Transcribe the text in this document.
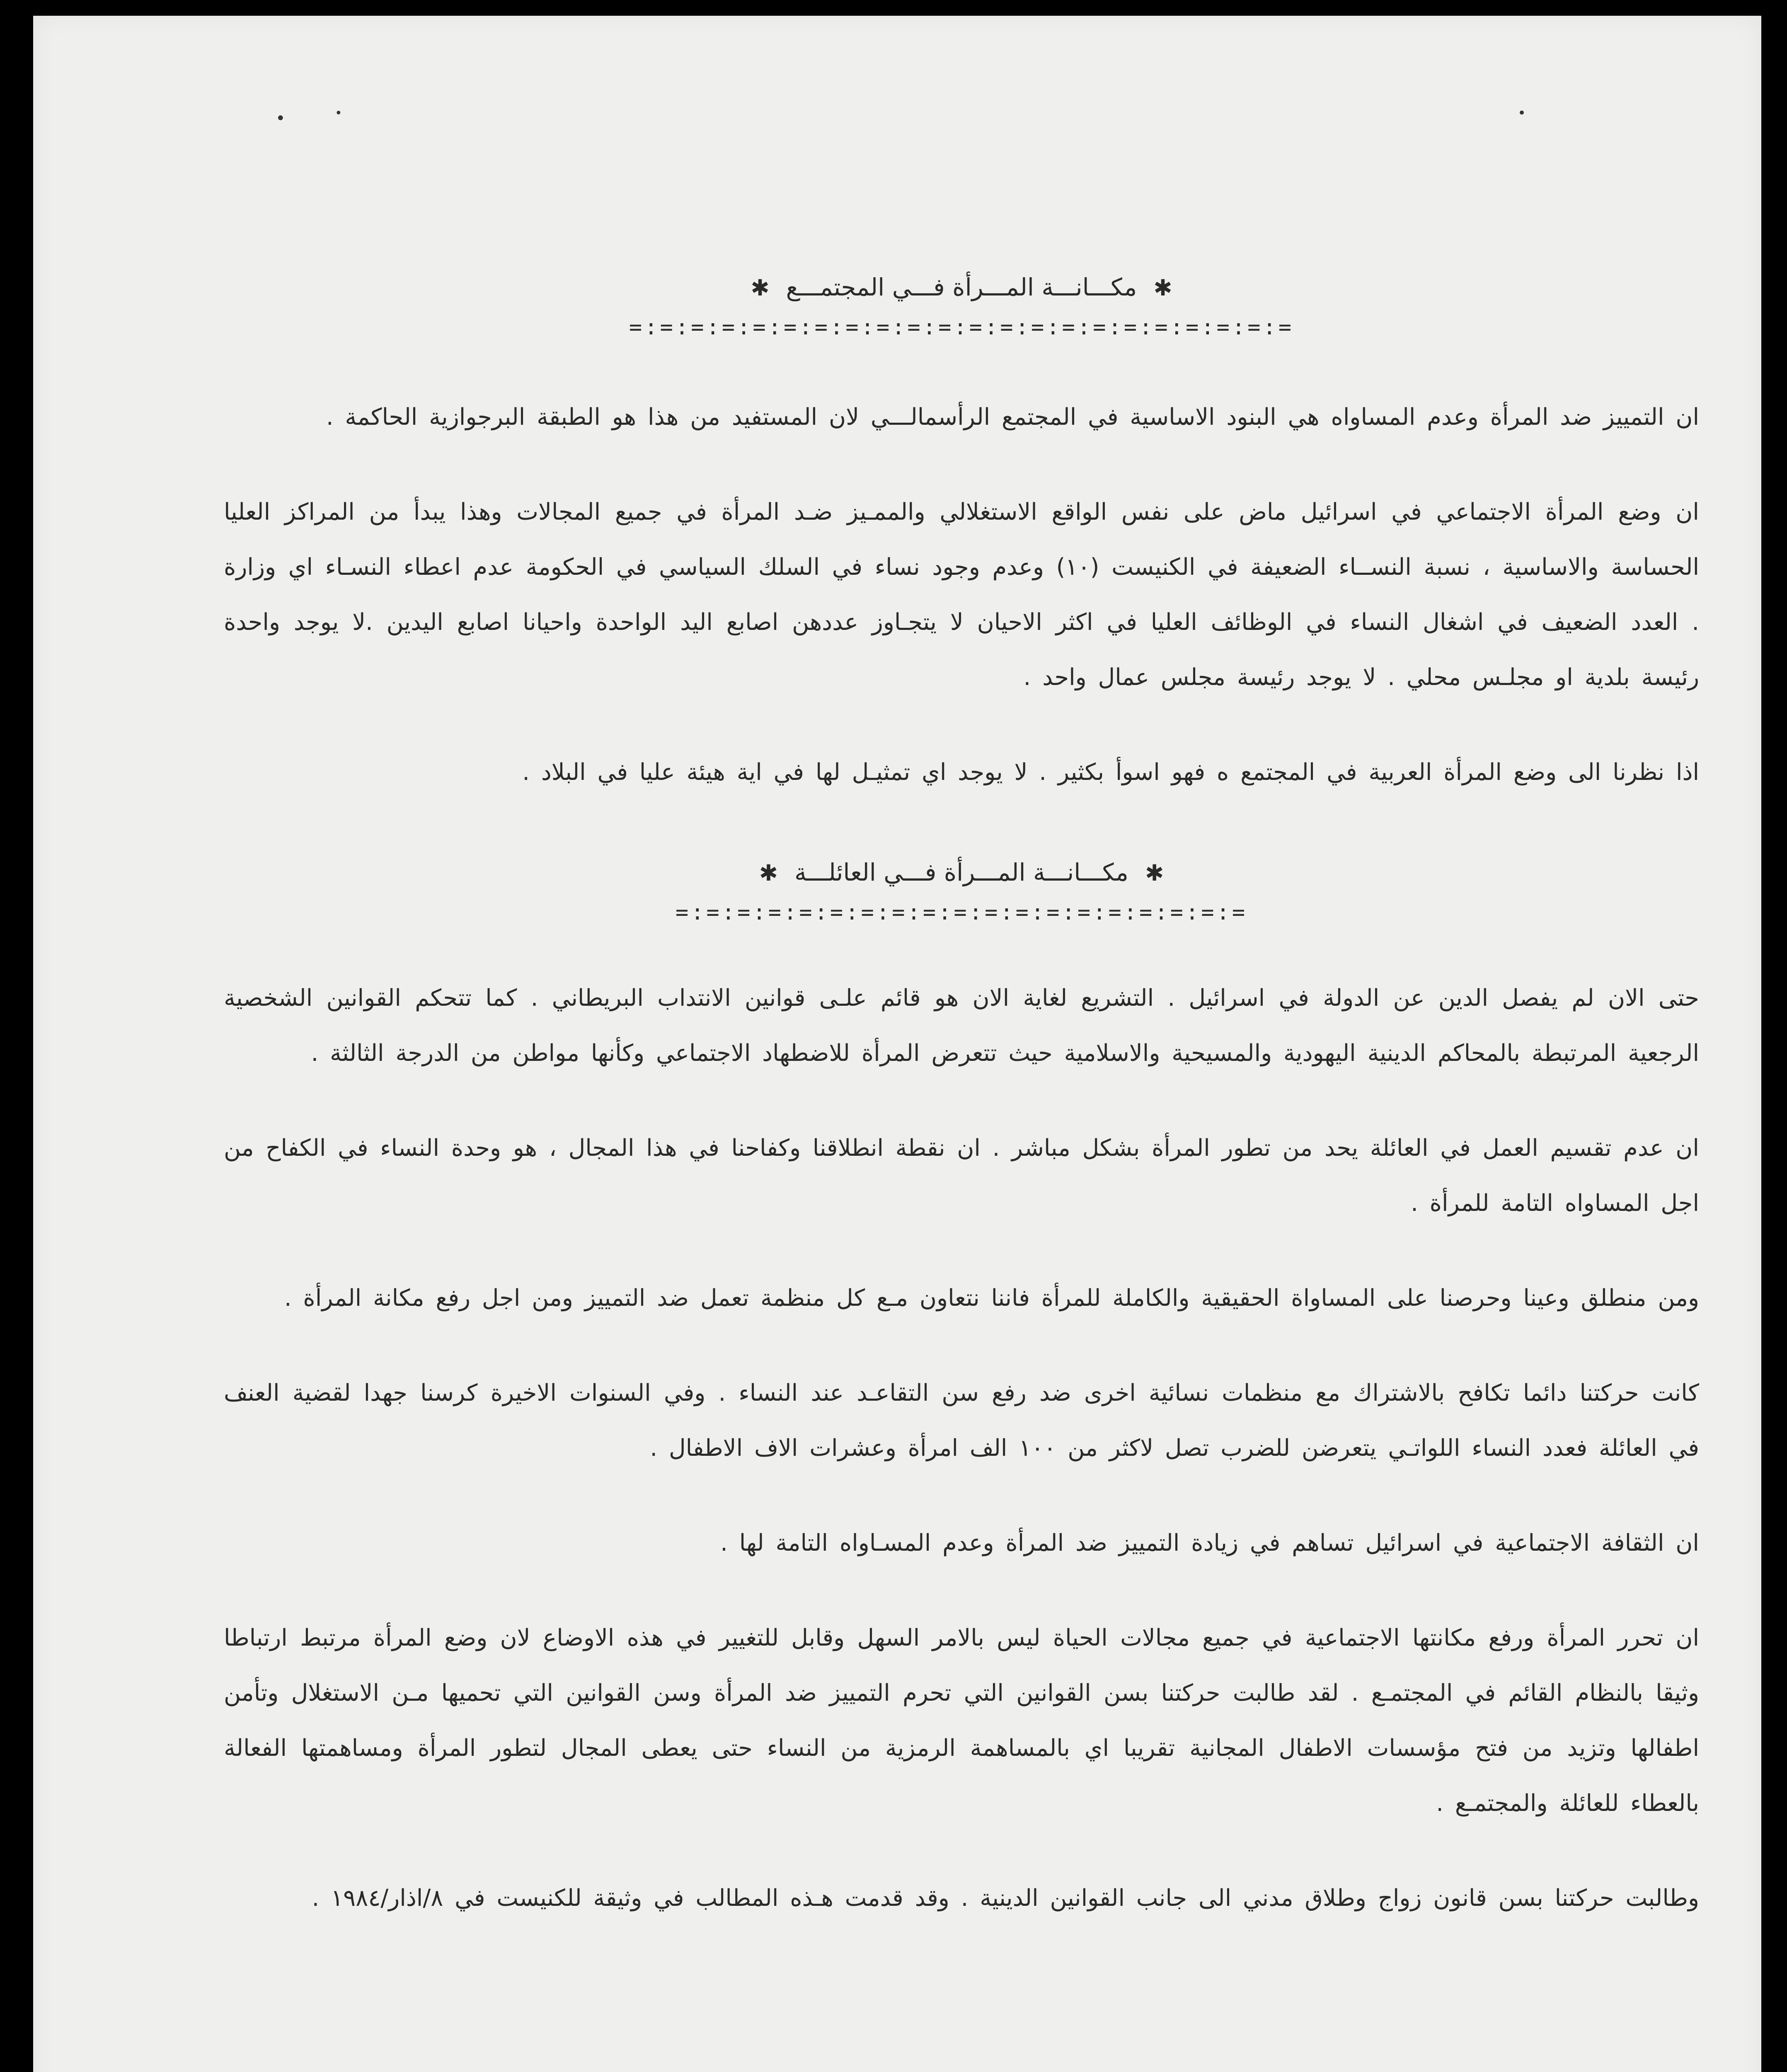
•	•	•
✱مكـــانـــة المـــرأة فـــي المجتمـــع✱
=:=:=:=:=:=:=:=:=:=:=:=:=:=:=:=:=:=:=:=:=:=

ان التمييز ضد المرأة وعدم المساواه هي البنود الاساسية في المجتمع الرأسمالـــي لان المستفيد من هذا هو الطبقة البرجوازية الحاكمة .

ان وضع المرأة الاجتماعي في اسرائيل ماض على نفس الواقع الاستغلالي والممـيز ضـد المرأة في جميع المجالات وهذا يبدأ من المراكز العليا الحساسة والاساسية ، نسبة النســاء الضعيفة في الكنيست (١٠) وعدم وجود نساء في السلك السياسي في الحكومة عدم اعطاء النسـاء اي وزارة . العدد الضعيف في اشغال النساء في الوظائف العليا في اكثر الاحيان لا يتجـاوز عددهن اصابع اليد الواحدة واحيانا اصابع اليدين .لا يوجد واحدة رئيسة بلدية او مجلـس محلي . لا يوجد رئيسة مجلس عمال واحد .

اذا نظرنا الى وضع المرأة العربية في المجتمع ه فهو اسوأ بكثير . لا يوجد اي تمثيـل لها في اية هيئة عليا في البلاد .

✱مكـــانـــة المـــرأة فـــي العائلـــة✱
=:=:=:=:=:=:=:=:=:=:=:=:=:=:=:=:=:=:=

حتى الان لم يفصل الدين عن الدولة في اسرائيل . التشريع لغاية الان هو قائم علـى قوانين الانتداب البريطاني . كما تتحكم القوانين الشخصية الرجعية المرتبطة بالمحاكم الدينية اليهودية والمسيحية والاسلامية حيث تتعرض المرأة للاضطهاد الاجتماعي وكأنها مواطن من الدرجة الثالثة .

ان عدم تقسيم العمل في العائلة يحد من تطور المرأة بشكل مباشر . ان نقطة انطلاقنا وكفاحنا في هذا المجال ، هو وحدة النساء في الكفاح من اجل المساواه التامة للمرأة .

ومن منطلق وعينا وحرصنا على المساواة الحقيقية والكاملة للمرأة فاننا نتعاون مـع كل منظمة تعمل ضد التمييز ومن اجل رفع مكانة المرأة .

كانت حركتنا دائما تكافح بالاشتراك مع منظمات نسائية اخرى ضد رفع سن التقاعـد عند النساء . وفي السنوات الاخيرة كرسنا جهدا لقضية العنف في العائلة فعدد النساء اللواتـي يتعرضن للضرب تصل لاكثر من ١٠٠ الف امرأة وعشرات الاف الاطفال .

ان الثقافة الاجتماعية في اسرائيل تساهم في زيادة التمييز ضد المرأة وعدم المسـاواه التامة لها .

ان تحرر المرأة ورفع مكانتها الاجتماعية في جميع مجالات الحياة ليس بالامر السهل وقابل للتغيير في هذه الاوضاع لان وضع المرأة مرتبط ارتباطا وثيقا بالنظام القائم في المجتمـع . لقد طالبت حركتنا بسن القوانين التي تحرم التمييز ضد المرأة وسن القوانين التي تحميها مـن الاستغلال وتأمن اطفالها وتزيد من فتح مؤسسات الاطفال المجانية تقريبا اي بالمساهمة الرمزية من النساء حتى يعطى المجال لتطور المرأة ومساهمتها الفعالة بالعطاء للعائلة والمجتمـع .

وطالبت حركتنا بسن قانون زواج وطلاق مدني الى جانب القوانين الدينية . وقد قدمت هـذه المطالب في وثيقة للكنيست في ٨/اذار/١٩٨٤ .
